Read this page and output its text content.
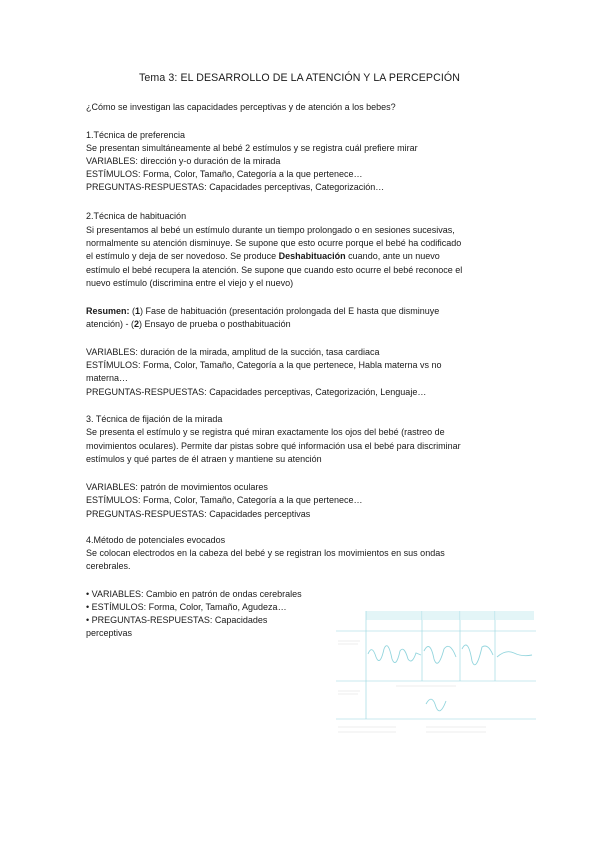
Tema 3: EL DESARROLLO DE LA ATENCIÓN Y LA PERCEPCIÓN
¿Cómo se investigan las capacidades perceptivas y de atención a los bebes?
1.Técnica de preferencia
Se presentan simultáneamente al bebé 2 estímulos y se registra cuál prefiere mirar
VARIABLES: dirección y-o duración de la mirada
ESTÍMULOS: Forma, Color, Tamaño, Categoría a la que pertenece…
PREGUNTAS-RESPUESTAS: Capacidades perceptivas, Categorización…
2.Técnica de habituación
Si presentamos al bebé un estímulo durante un tiempo prolongado o en sesiones sucesivas,
normalmente su atención disminuye. Se supone que esto ocurre porque el bebé ha codificado
el estímulo y deja de ser novedoso. Se produce Deshabituación cuando, ante un nuevo
estímulo el bebé recupera la atención. Se supone que cuando esto ocurre el bebé reconoce el
nuevo estímulo (discrimina entre el viejo y el nuevo)
Resumen: (1) Fase de habituación (presentación prolongada del E hasta que disminuye
atención) - (2) Ensayo de prueba o posthabituación
VARIABLES: duración de la mirada, amplitud de la succión, tasa cardiaca
ESTÍMULOS: Forma, Color, Tamaño, Categoría a la que pertenece, Habla materna vs no
materna…
PREGUNTAS-RESPUESTAS: Capacidades perceptivas, Categorización, Lenguaje…
3. Técnica de fijación de la mirada
Se presenta el estímulo y se registra qué miran exactamente los ojos del bebé (rastreo de
movimientos oculares). Permite dar pistas sobre qué información usa el bebé para discriminar
estímulos y qué partes de él atraen y mantiene su atención
VARIABLES: patrón de movimientos oculares
ESTÍMULOS: Forma, Color, Tamaño, Categoría a la que pertenece…
PREGUNTAS-RESPUESTAS: Capacidades perceptivas
4.Método de potenciales evocados
Se colocan electrodos en la cabeza del bebé y se registran los movimientos en sus ondas
cerebrales.
• VARIABLES: Cambio en patrón de ondas cerebrales
• ESTÍMULOS: Forma, Color, Tamaño, Agudeza…
• PREGUNTAS-RESPUESTAS: Capacidades
perceptivas
